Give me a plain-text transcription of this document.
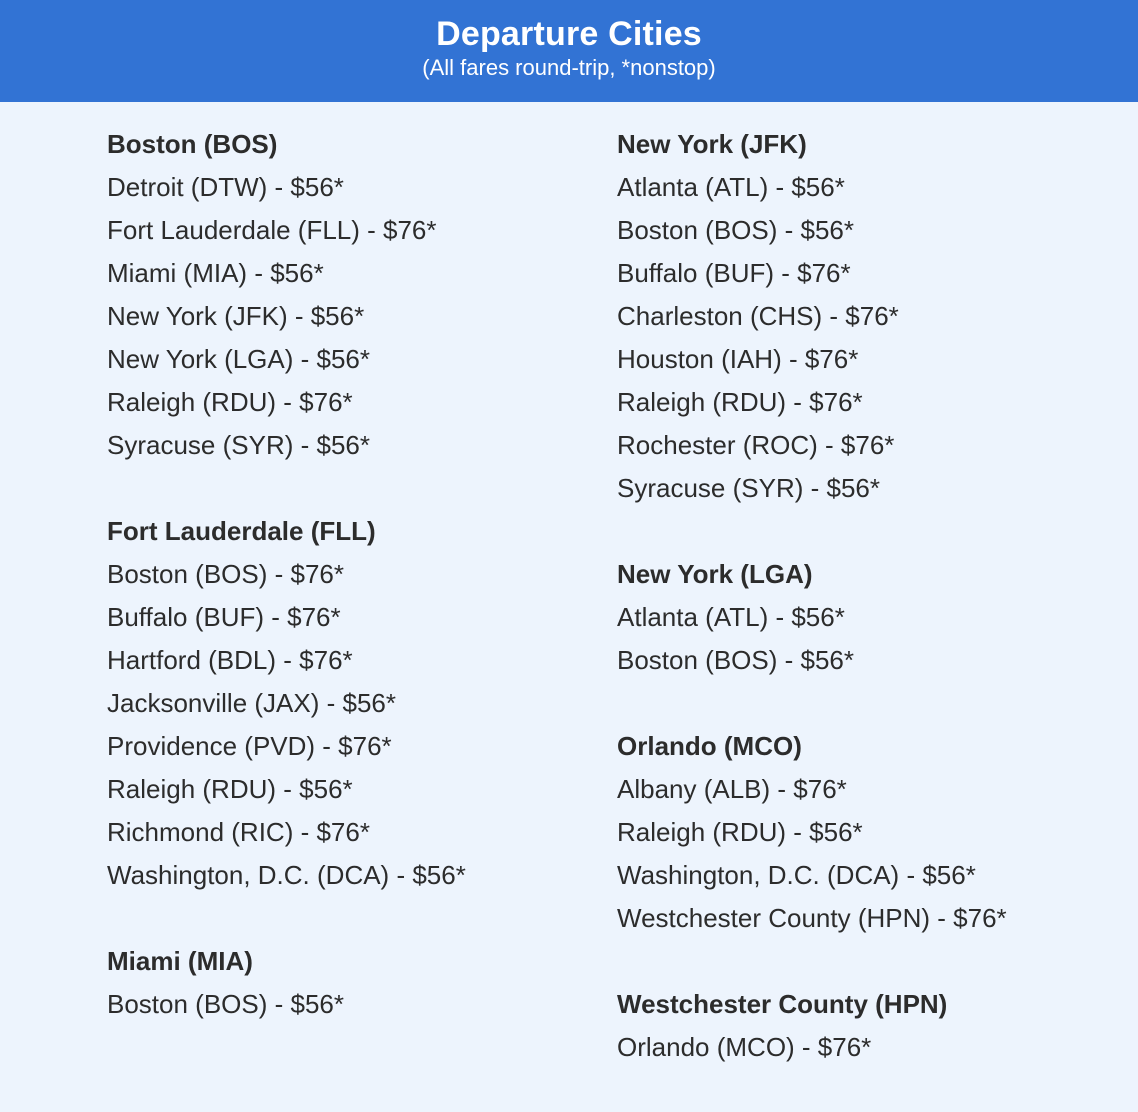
Departure Cities
(All fares round-trip, *nonstop)
Boston (BOS)
Detroit (DTW) - $56*
Fort Lauderdale (FLL) - $76*
Miami (MIA) - $56*
New York (JFK) - $56*
New York (LGA) - $56*
Raleigh (RDU) - $76*
Syracuse (SYR) - $56*
Fort Lauderdale (FLL)
Boston (BOS) - $76*
Buffalo (BUF) - $76*
Hartford (BDL) - $76*
Jacksonville (JAX) - $56*
Providence (PVD) - $76*
Raleigh (RDU) - $56*
Richmond (RIC) - $76*
Washington, D.C. (DCA) - $56*
Miami (MIA)
Boston (BOS) - $56*
New York (JFK)
Atlanta (ATL) - $56*
Boston (BOS) - $56*
Buffalo (BUF) - $76*
Charleston (CHS) - $76*
Houston (IAH) - $76*
Raleigh (RDU) - $76*
Rochester (ROC) - $76*
Syracuse (SYR) - $56*
New York (LGA)
Atlanta (ATL) - $56*
Boston (BOS) - $56*
Orlando (MCO)
Albany (ALB) - $76*
Raleigh (RDU) - $56*
Washington, D.C. (DCA) - $56*
Westchester County (HPN) - $76*
Westchester County (HPN)
Orlando (MCO) - $76*
